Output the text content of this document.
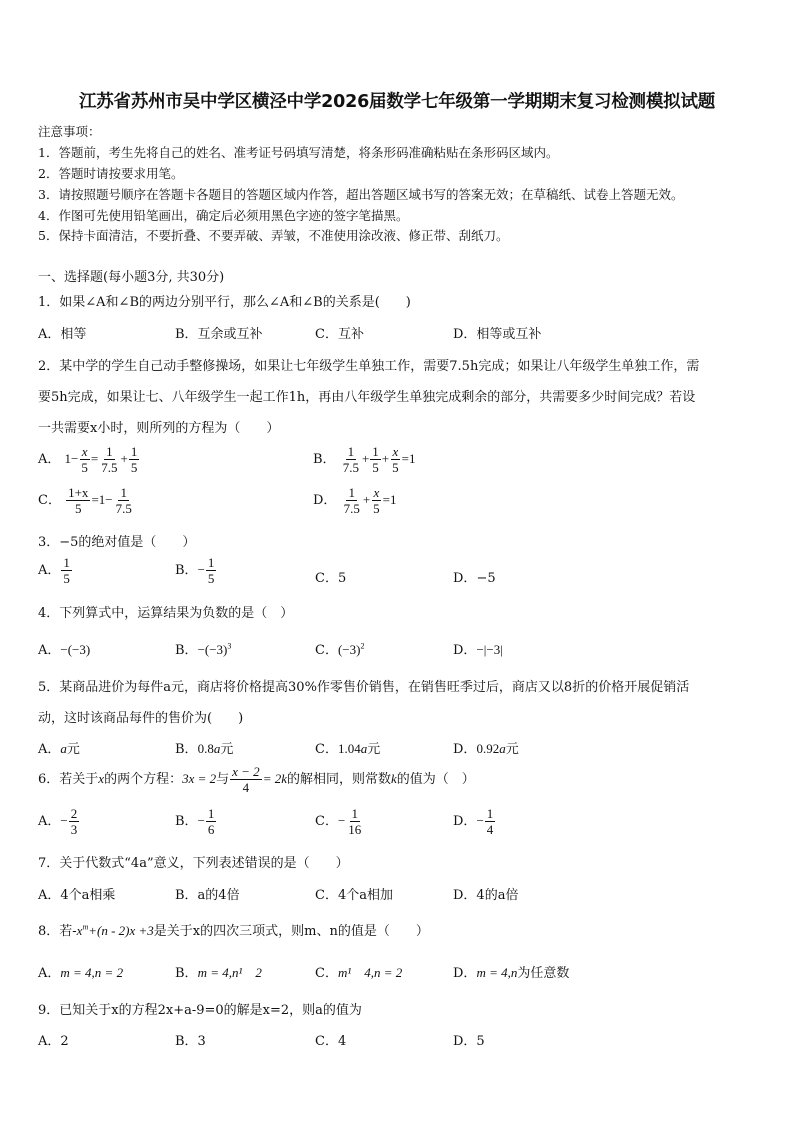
江苏省苏州市吴中学区横泾中学2026届数学七年级第一学期期末复习检测模拟试题
注意事项：
1．答题前，考生先将自己的姓名、准考证号码填写清楚，将条形码准确粘贴在条形码区域内。
2．答题时请按要求用笔。
3．请按照题号顺序在答题卡各题目的答题区域内作答，超出答题区域书写的答案无效；在草稿纸、试卷上答题无效。
4．作图可先使用铅笔画出，确定后必须用黑色字迹的签字笔描黑。
5．保持卡面清洁，不要折叠、不要弄破、弄皱，不准使用涂改液、修正带、刮纸刀。
一、选择题(每小题3分, 共30分)
1．如果∠A和∠B的两边分别平行，那么∠A和∠B的关系是(　　)
A．相等	B．互余或互补	C．互补	D．相等或互补
2．某中学的学生自己动手整修操场，如果让七年级学生单独工作，需要7.5h完成；如果让八年级学生单独工作，需
要5h完成，如果让七、八年级学生一起工作1h，再由八年级学生单独完成剩余的部分，共需要多少时间完成？若设
一共需要x小时，则所列的方程为（　　）
A． $1- \frac{x}{5} = \frac{1}{7.5} + \frac{1}{5}$	B． $\frac{1}{7.5} + \frac{1}{5} + \frac{x}{5} =1$
C． $\frac{1+x}{5} =1- \frac{1}{7.5}$	D． $\frac{1}{7.5} + \frac{x}{5} =1$
3．−5的绝对值是（　　）
A． $\frac{1}{5}$	B．− $\frac{1}{5}$	C．5	D．−5
4．下列算式中，运算结果为负数的是（　）
A．−(−3)	B．$-(-3)^3$	C．$(-3)^2$	D．−|−3|
5．某商品进价为每件a元，商店将价格提高30%作零售价销售，在销售旺季过后，商店又以8折的价格开展促销活
动，这时该商品每件的售价为(　　)
A．a元	B．0.8a元	C．1.04a元	D．0.92a元
6．若关于x的两个方程：3x = 2与 $\frac{x - 2}{4} = 2k$的解相同，则常数k的值为（　）
A．− $\frac{2}{3}$	B．− $\frac{1}{6}$	C．− $\frac{1}{16}$	D．− $\frac{1}{4}$
7．关于代数式“4a”意义，下列表述错误的是（　　）
A．4个a相乘	B．a的4倍	C．4个a相加	D．4的a倍
8．若$-x^m+(n - 2)x +3$是关于x的四次三项式，则m、n的值是（　　）
A．m = 4,n = 2	B．m = 4,n¹　2	C．m¹　4,n = 2	D．m = 4,n为任意数
9．已知关于x的方程2x+a-9=0的解是x=2，则a的值为
A．2	B．3	C．4	D．5
